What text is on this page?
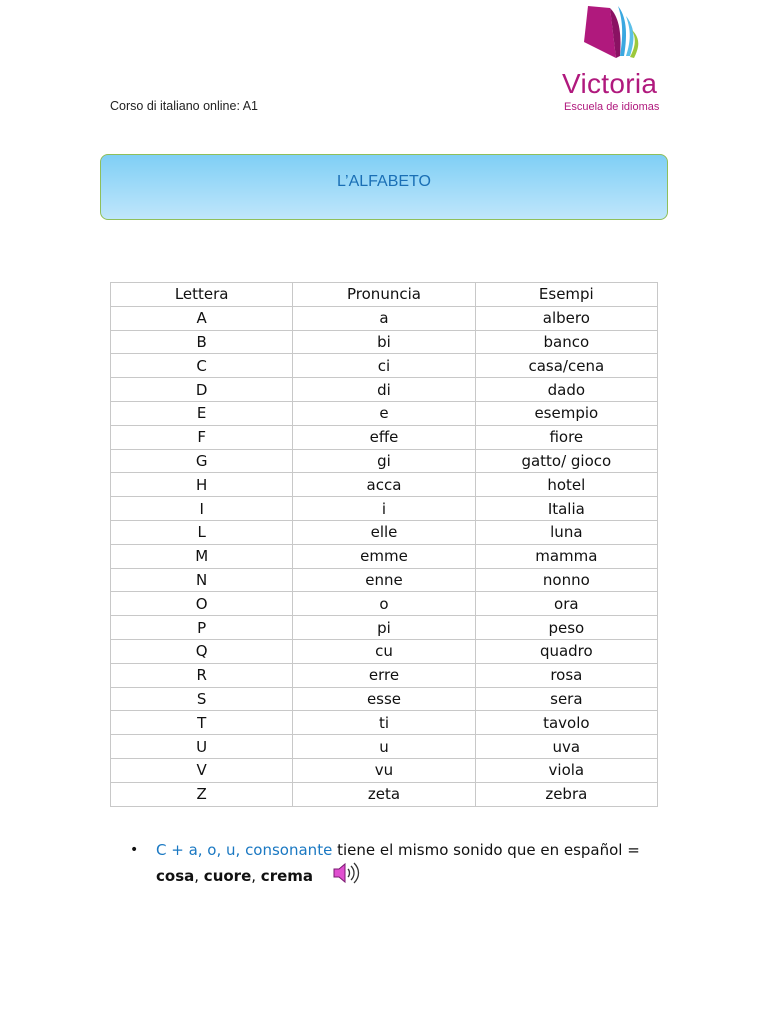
Victoria
Escuela de idiomas
Corso di italiano online: A1
L’ALFABETO
Lettera	Pronuncia	Esempi
A	a	albero
B	bi	banco
C	ci	casa/cena
D	di	dado
E	e	esempio
F	effe	fiore
G	gi	gatto/ gioco
H	acca	hotel
I	i	Italia
L	elle	luna
M	emme	mamma
N	enne	nonno
O	o	ora
P	pi	peso
Q	cu	quadro
R	erre	rosa
S	esse	sera
T	ti	tavolo
U	u	uva
V	vu	viola
Z	zeta	zebra
• C + a, o, u, consonante tiene el mismo sonido que en español =
cosa, cuore, crema
